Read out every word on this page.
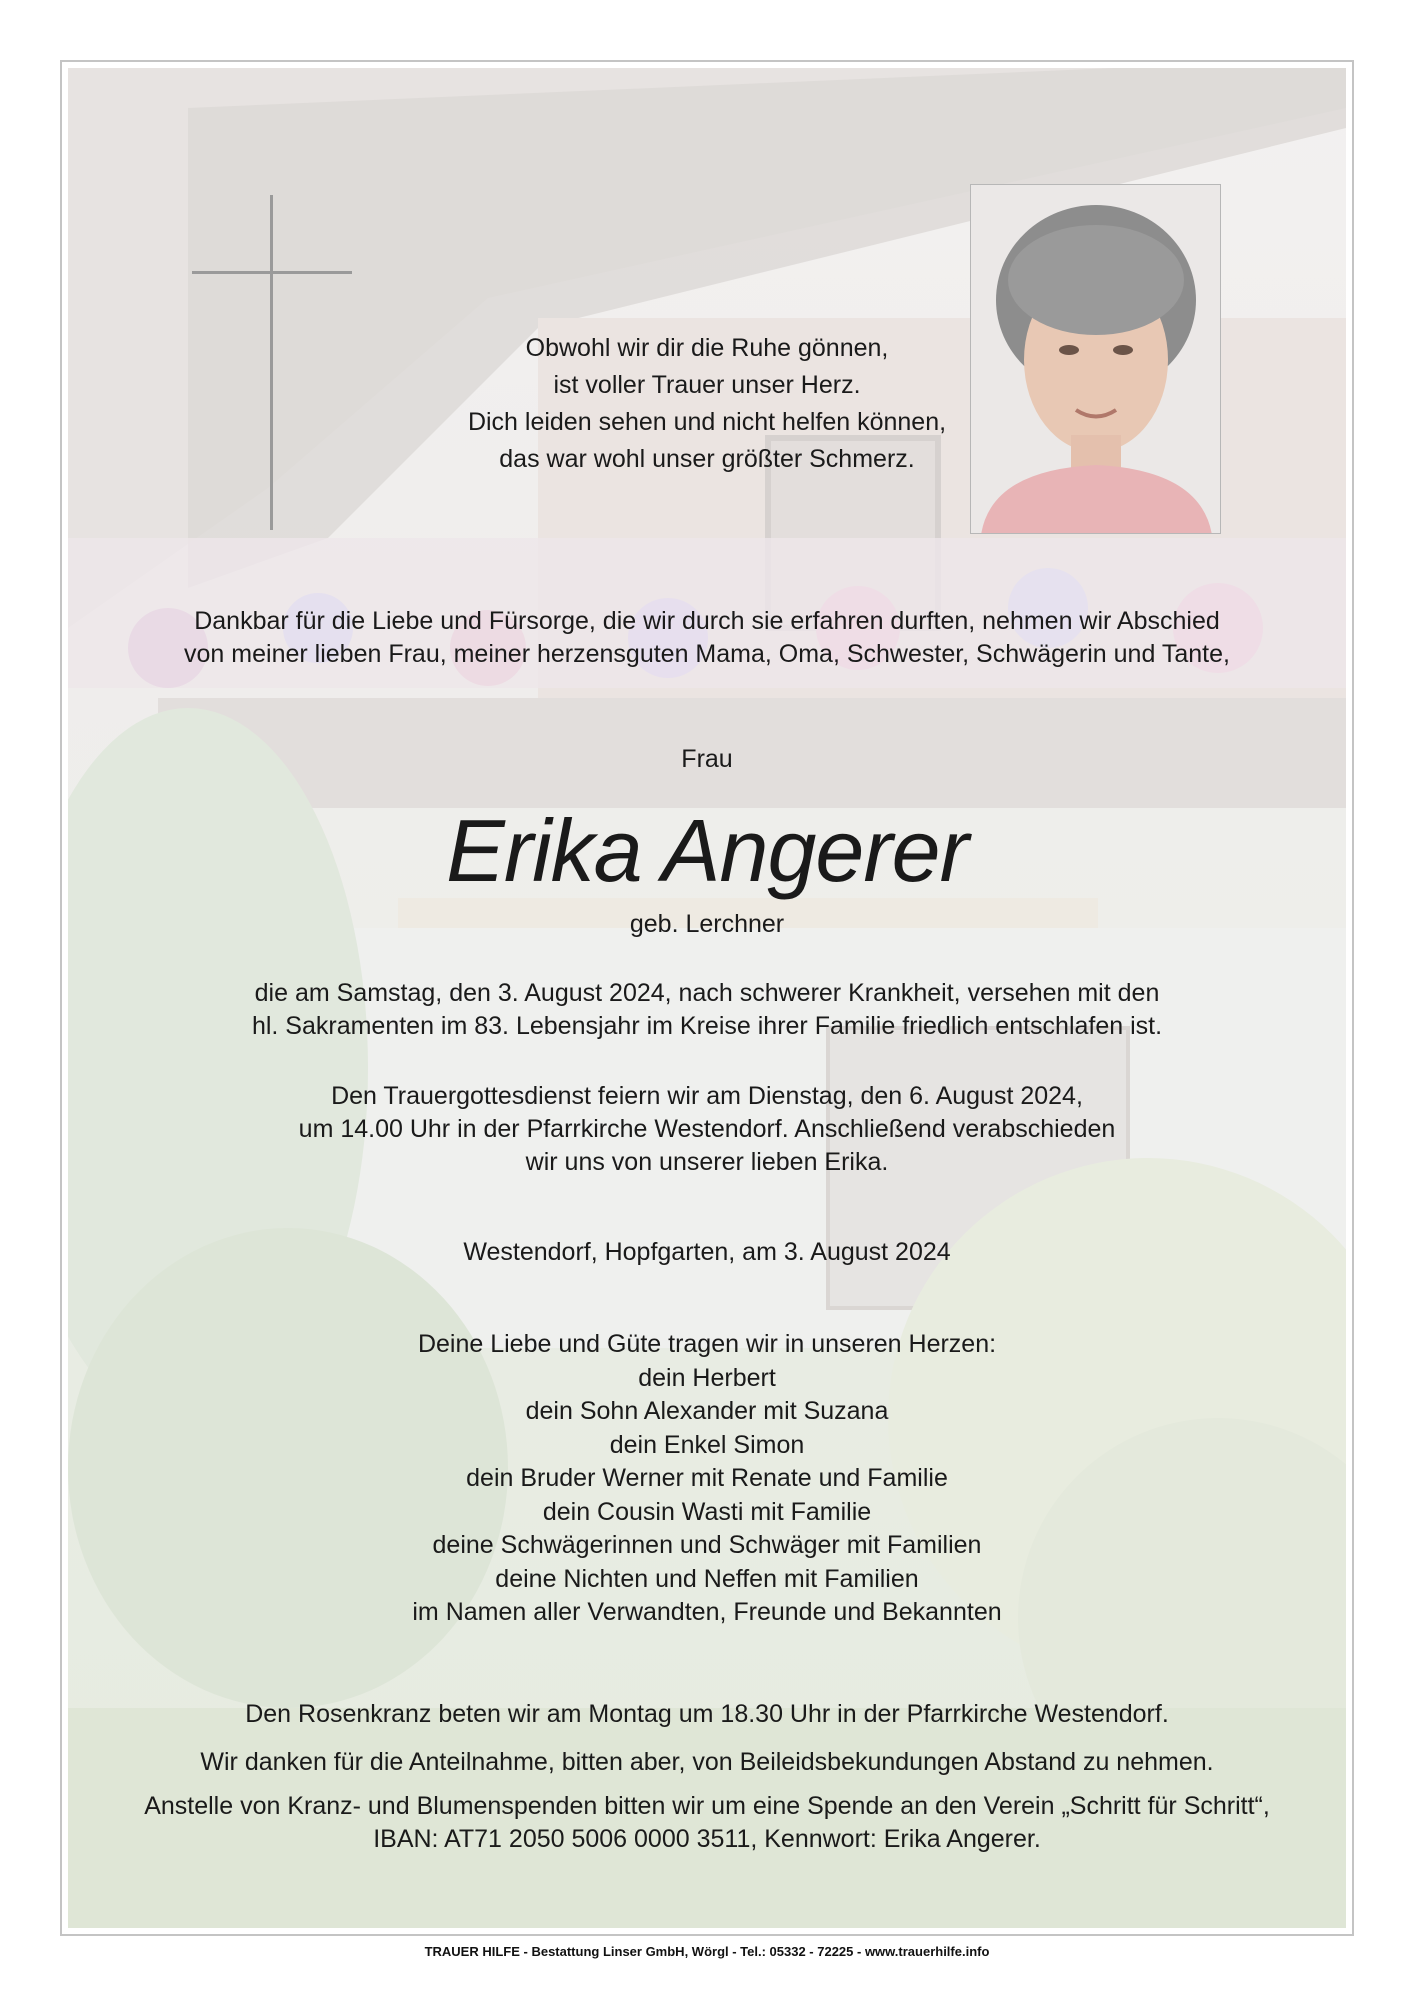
Obwohl wir dir die Ruhe gönnen,
ist voller Trauer unser Herz.
Dich leiden sehen und nicht helfen können,
das war wohl unser größter Schmerz.
Dankbar für die Liebe und Fürsorge, die wir durch sie erfahren durften, nehmen wir Abschied
von meiner lieben Frau, meiner herzensguten Mama, Oma, Schwester, Schwägerin und Tante,
Frau
Erika Angerer
geb. Lerchner
die am Samstag, den 3. August 2024, nach schwerer Krankheit, versehen mit den
hl. Sakramenten im 83. Lebensjahr im Kreise ihrer Familie friedlich entschlafen ist.
Den Trauergottesdienst feiern wir am Dienstag, den 6. August 2024,
um 14.00 Uhr in der Pfarrkirche Westendorf. Anschließend verabschieden
wir uns von unserer lieben Erika.
Westendorf, Hopfgarten, am 3. August 2024
Deine Liebe und Güte tragen wir in unseren Herzen:
dein Herbert
dein Sohn Alexander mit Suzana
dein Enkel Simon
dein Bruder Werner mit Renate und Familie
dein Cousin Wasti mit Familie
deine Schwägerinnen und Schwäger mit Familien
deine Nichten und Neffen mit Familien
im Namen aller Verwandten, Freunde und Bekannten
Den Rosenkranz beten wir am Montag um 18.30 Uhr in der Pfarrkirche Westendorf.
Wir danken für die Anteilnahme, bitten aber, von Beileidsbekundungen Abstand zu nehmen.
Anstelle von Kranz- und Blumenspenden bitten wir um eine Spende an den Verein „Schritt für Schritt“,
IBAN: AT71 2050 5006 0000 3511, Kennwort: Erika Angerer.
TRAUER HILFE - Bestattung Linser GmbH, Wörgl - Tel.: 05332 - 72225 - www.trauerhilfe.info
